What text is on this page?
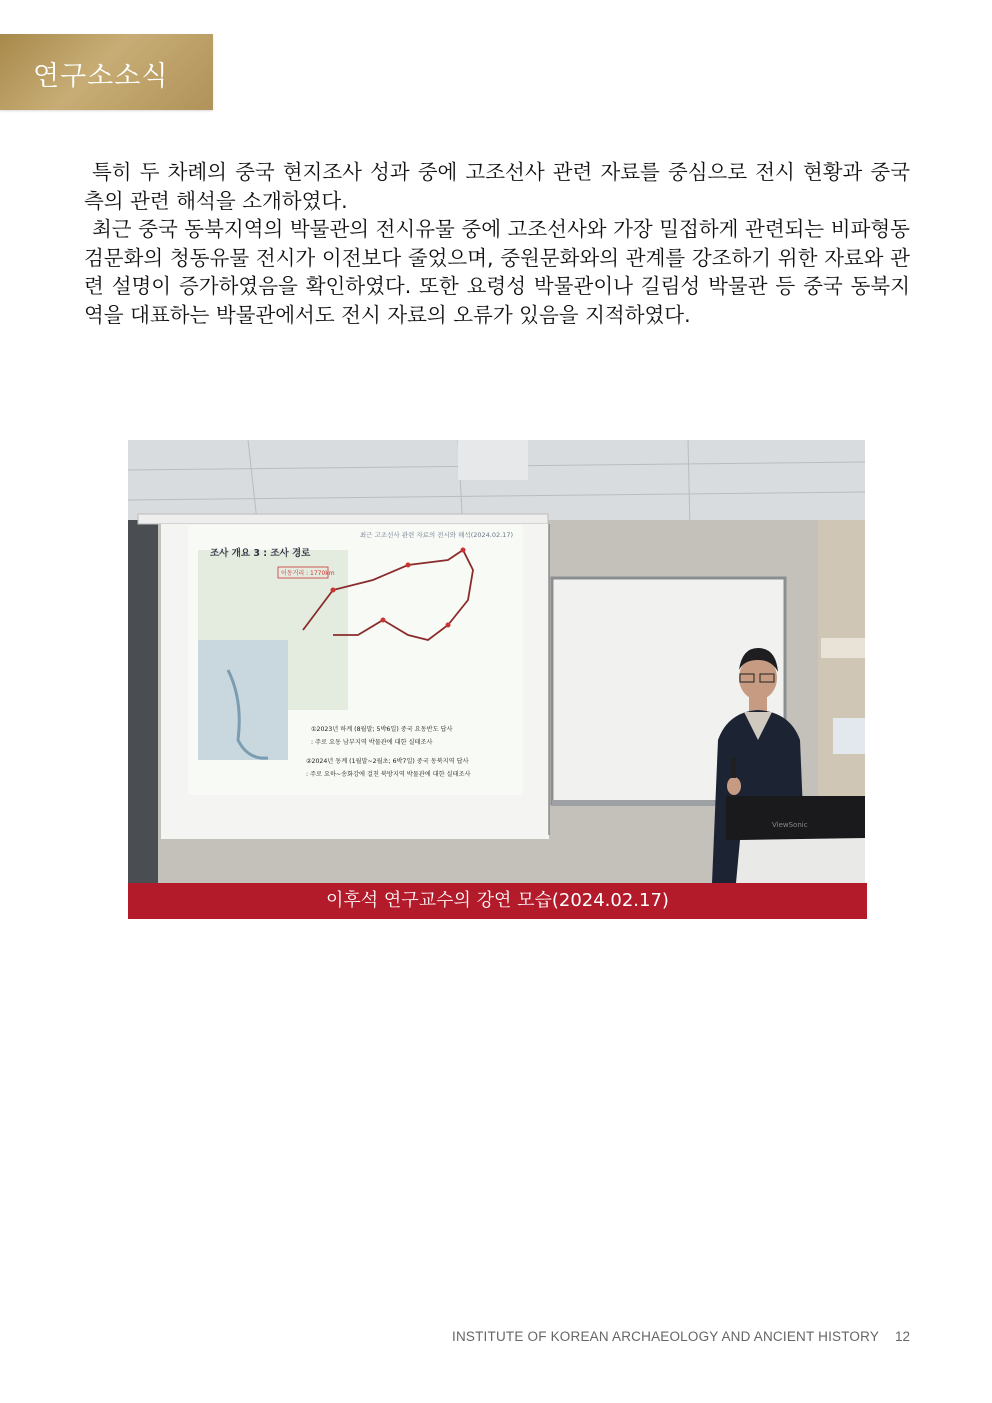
연구소소식

특히 두 차례의 중국 현지조사 성과 중에 고조선사 관련 자료를 중심으로 전시 현황과 중국 측의 관련 해석을 소개하였다.

최근 중국 동북지역의 박물관의 전시유물 중에 고조선사와 가장 밀접하게 관련되는 비파형동검문화의 청동유물 전시가 이전보다 줄었으며, 중원문화와의 관계를 강조하기 위한 자료와 관련 설명이 증가하였음을 확인하였다. 또한 요령성 박물관이나 길림성 박물관 등 중국 동북지역을 대표하는 박물관에서도 전시 자료의 오류가 있음을 지적하였다.

최근 고조선사 관련 자료의 전시와 해석(2024.02.17)
조사 개요 3 : 조사 경로
이동거리 : 1770km
①2023년 하계 (8월말; 5박6일) 중국 요동반도 답사
: 주로 요동 남부지역 박물관에 대한 실태조사
②2024년 동계 (1월말~2월초; 6박7일) 중국 동북지역 답사
: 주로 요하~송화강에 걸친 북방지역 박물관에 대한 실태조사
ViewSonic
이후석 연구교수의 강연 모습(2024.02.17)
INSTITUTE OF KOREAN ARCHAEOLOGY AND ANCIENT HISTORY 12
